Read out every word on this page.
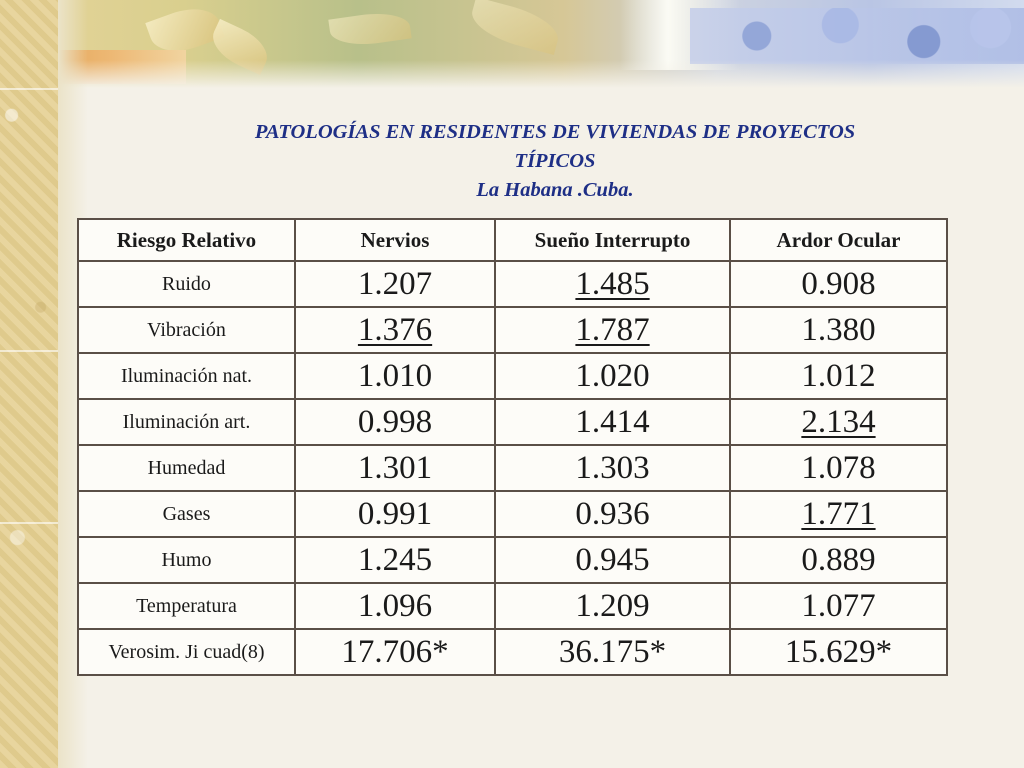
PATOLOGÍAS EN RESIDENTES DE VIVIENDAS DE PROYECTOS
TÍPICOS
La Habana .Cuba.
Riesgo Relativo	Nervios	Sueño Interrupto	Ardor Ocular
Ruido	1.207	1.485	0.908
Vibración	1.376	1.787	1.380
Iluminación nat.	1.010	1.020	1.012
Iluminación art.	0.998	1.414	2.134
Humedad	1.301	1.303	1.078
Gases	0.991	0.936	1.771
Humo	1.245	0.945	0.889
Temperatura	1.096	1.209	1.077
Verosim. Ji cuad(8)	17.706*	36.175*	15.629*
